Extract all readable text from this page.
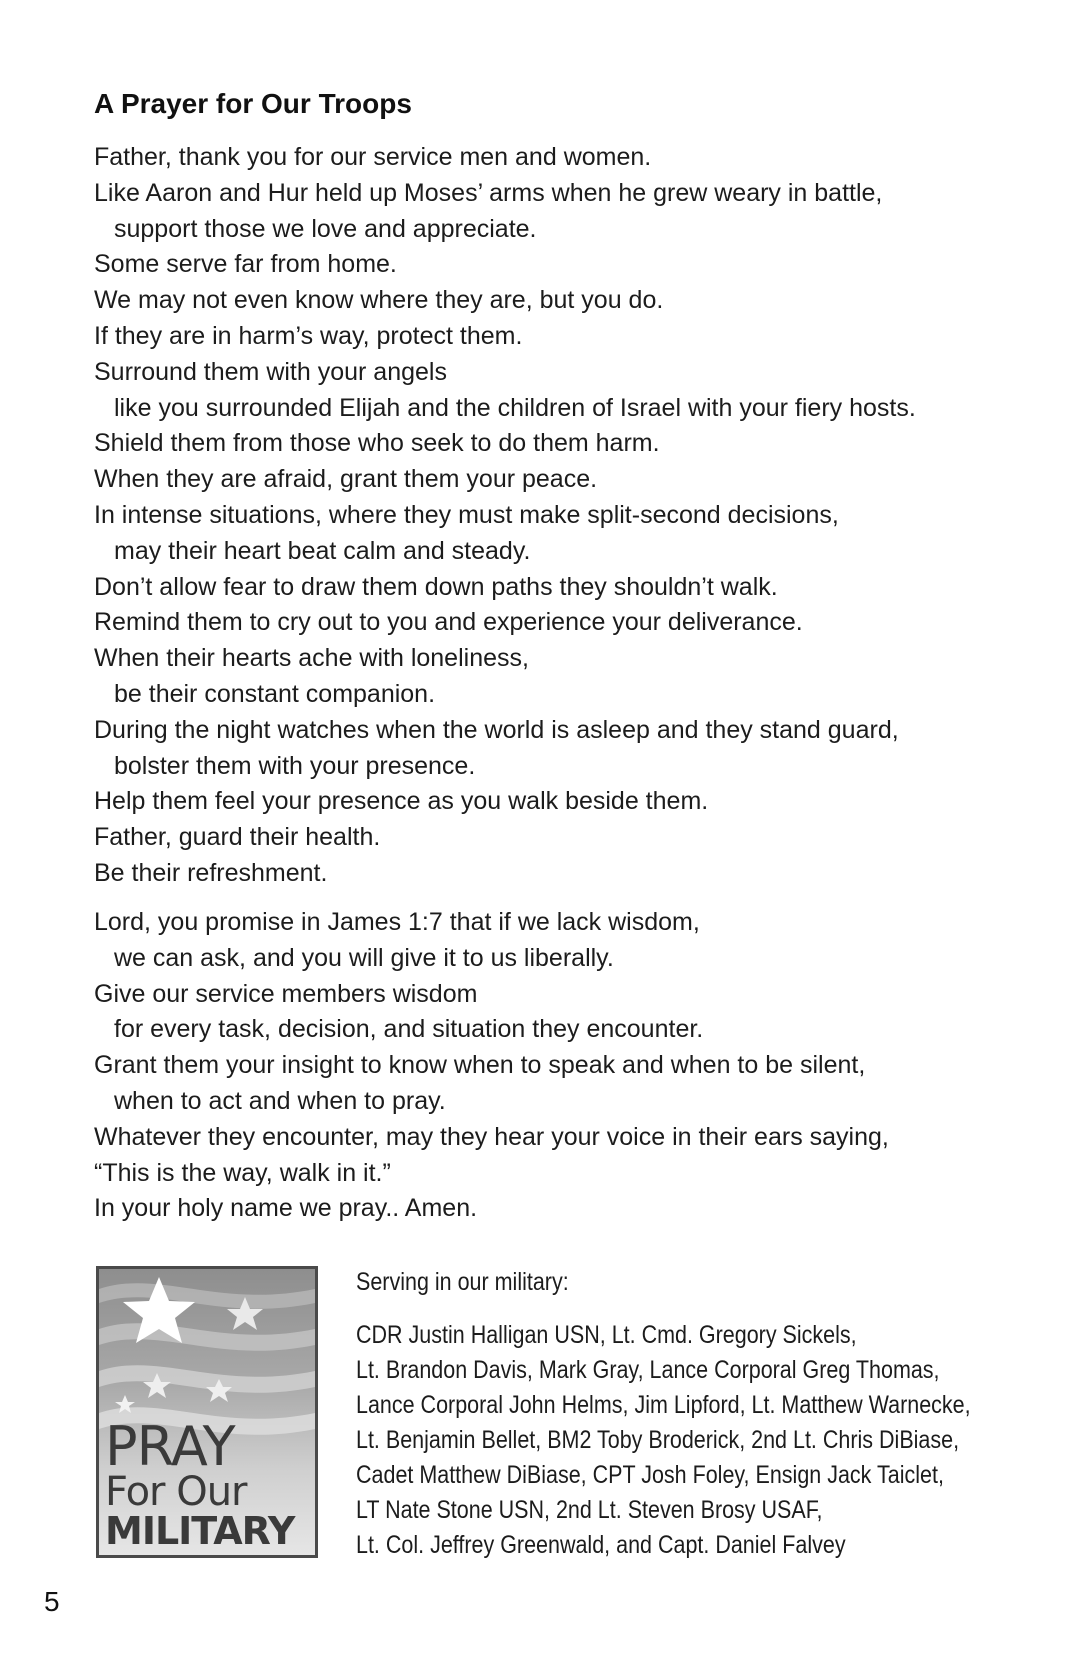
A Prayer for Our Troops
Father, thank you for our service men and women.
Like Aaron and Hur held up Moses’ arms when he grew weary in battle,
support those we love and appreciate.
Some serve far from home.
We may not even know where they are, but you do.
If they are in harm’s way, protect them.
Surround them with your angels
like you surrounded Elijah and the children of Israel with your fiery hosts.
Shield them from those who seek to do them harm.
When they are afraid, grant them your peace.
In intense situations, where they must make split-second decisions,
may their heart beat calm and steady.
Don’t allow fear to draw them down paths they shouldn’t walk.
Remind them to cry out to you and experience your deliverance.
When their hearts ache with loneliness,
be their constant companion.
During the night watches when the world is asleep and they stand guard,
bolster them with your presence.
Help them feel your presence as you walk beside them.
Father, guard their health.
Be their refreshment.
Lord, you promise in James 1:7 that if we lack wisdom,
we can ask, and you will give it to us liberally.
Give our service members wisdom
for every task, decision, and situation they encounter.
Grant them your insight to know when to speak and when to be silent,
when to act and when to pray.
Whatever they encounter, may they hear your voice in their ears saying,
“This is the way, walk in it.”
In your holy name we pray.. Amen.
PRAY
For Our
MILITARY
Serving in our military:
CDR Justin Halligan USN, Lt. Cmd. Gregory Sickels,
Lt. Brandon Davis, Mark Gray, Lance Corporal Greg Thomas,
Lance Corporal John Helms, Jim Lipford, Lt. Matthew Warnecke,
Lt. Benjamin Bellet, BM2 Toby Broderick, 2nd Lt. Chris DiBiase,
Cadet Matthew DiBiase, CPT Josh Foley, Ensign Jack Taiclet,
LT Nate Stone USN, 2nd Lt. Steven Brosy USAF,
Lt. Col. Jeffrey Greenwald, and Capt. Daniel Falvey
5
